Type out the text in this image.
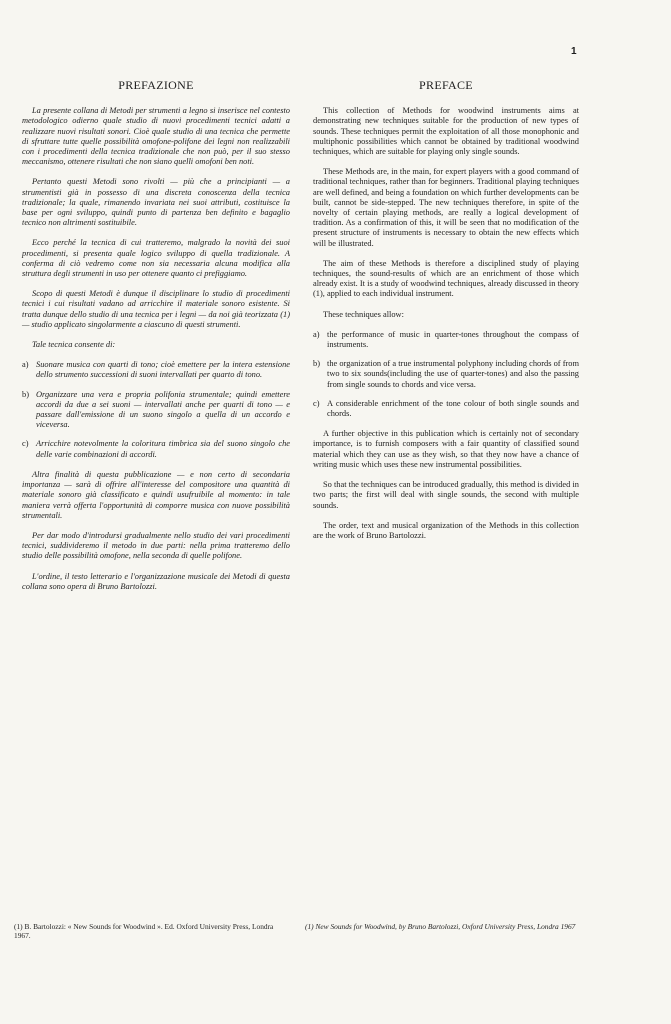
1
PREFAZIONE

La presente collana di Metodi per strumenti a legno si inserisce nel contesto metodologico odierno quale studio di nuovi procedimenti tecnici adatti a realizzare nuovi risultati sonori. Cioè quale studio di una tecnica che permette di sfruttare tutte quelle possibilità omofone-polifone dei legni non realizzabili con i procedimenti della tecnica tradizionale che non può, per il suo stesso meccanismo, ottenere risultati che non siano quelli omofoni ben noti.

Pertanto questi Metodi sono rivolti — più che a principianti — a strumentisti già in possesso di una discreta conoscenza della tecnica tradizionale; la quale, rimanendo invariata nei suoi attributi, costituisce la base per ogni sviluppo, quindi punto di partenza ben definito e bagaglio tecnico non altrimenti sostituibile.

Ecco perché la tecnica di cui tratteremo, malgrado la novità dei suoi procedimenti, si presenta quale logico sviluppo di quella tradizionale. A conferma di ciò vedremo come non sia necessaria alcuna modifica alla struttura degli strumenti in uso per ottenere quanto ci prefiggiamo.

Scopo di questi Metodi è dunque il disciplinare lo studio di procedimenti tecnici i cui risultati vadano ad arricchire il materiale sonoro esistente. Si tratta dunque dello studio di una tecnica per i legni — da noi già teorizzata (1) — studio applicato singolarmente a ciascuno di questi strumenti.

Tale tecnica consente di:

a) Suonare musica con quarti di tono; cioè emettere per la intera estensione dello strumento successioni di suoni intervallati per quarto di tono.
b) Organizzare una vera e propria polifonia strumentale; quindi emettere accordi da due a sei suoni — intervallati anche per quarti di tono — e passare dall'emissione di un suono singolo a quella di un accordo e viceversa.
c) Arricchire notevolmente la coloritura timbrica sia del suono singolo che delle varie combinazioni di accordi.

Altra finalità di questa pubblicazione — e non certo di secondaria importanza — sarà di offrire all'interesse del compositore una quantità di materiale sonoro già classificato e quindi usufruibile al momento: in tale maniera verrà offerta l'opportunità di comporre musica con nuove possibilità strumentali.

Per dar modo d'introdursi gradualmente nello studio dei vari procedimenti tecnici, suddivideremo il metodo in due parti: nella prima tratteremo dello studio delle possibilità omofone, nella seconda di quelle polifone.

L'ordine, il testo letterario e l'organizzazione musicale dei Metodi di questa collana sono opera di Bruno Bartolozzi.

PREFACE

This collection of Methods for woodwind instruments aims at demonstrating new techniques suitable for the production of new types of sounds. These techniques permit the exploitation of all those monophonic and multiphonic possibilities which cannot be obtained by traditional woodwind techniques, which are suitable for playing only single sounds.

These Methods are, in the main, for expert players with a good command of traditional techniques, rather than for beginners. Traditional playing techniques are well defined, and being a foundation on which further developments can be built, cannot be side-stepped. The new techniques therefore, in spite of the novelty of certain playing methods, are really a logical development of tradition. As a confirmation of this, it will be seen that no modification of the present structure of instruments is necessary to obtain the new effects which will be illustrated.

The aim of these Methods is therefore a disciplined study of playing techniques, the sound-results of which are an enrichment of those which already exist. It is a study of woodwind techniques, already discussed in theory (1), applied to each individual instrument.

These techniques allow:

a) the performance of music in quarter-tones throughout the compass of instruments.
b) the organization of a true instrumental polyphony including chords of from two to six sounds(including the use of quarter-tones) and also the passing from single sounds to chords and vice versa.
c) A considerable enrichment of the tone colour of both single sounds and chords.

A further objective in this publication which is certainly not of secondary importance, is to furnish composers with a fair quantity of classified sound material which they can use as they wish, so that they now have a chance of writing music which uses these new instrumental possibilities.

So that the techniques can be introduced gradually, this method is divided in two parts; the first will deal with single sounds, the second with multiple sounds.

The order, text and musical organization of the Methods in this collection are the work of Bruno Bartolozzi.

(1) B. Bartolozzi: « New Sounds for Woodwind ». Ed. Oxford University Press, Londra 1967.
(1) New Sounds for Woodwind, by Bruno Bartolozzi, Oxford University Press, Londra 1967
